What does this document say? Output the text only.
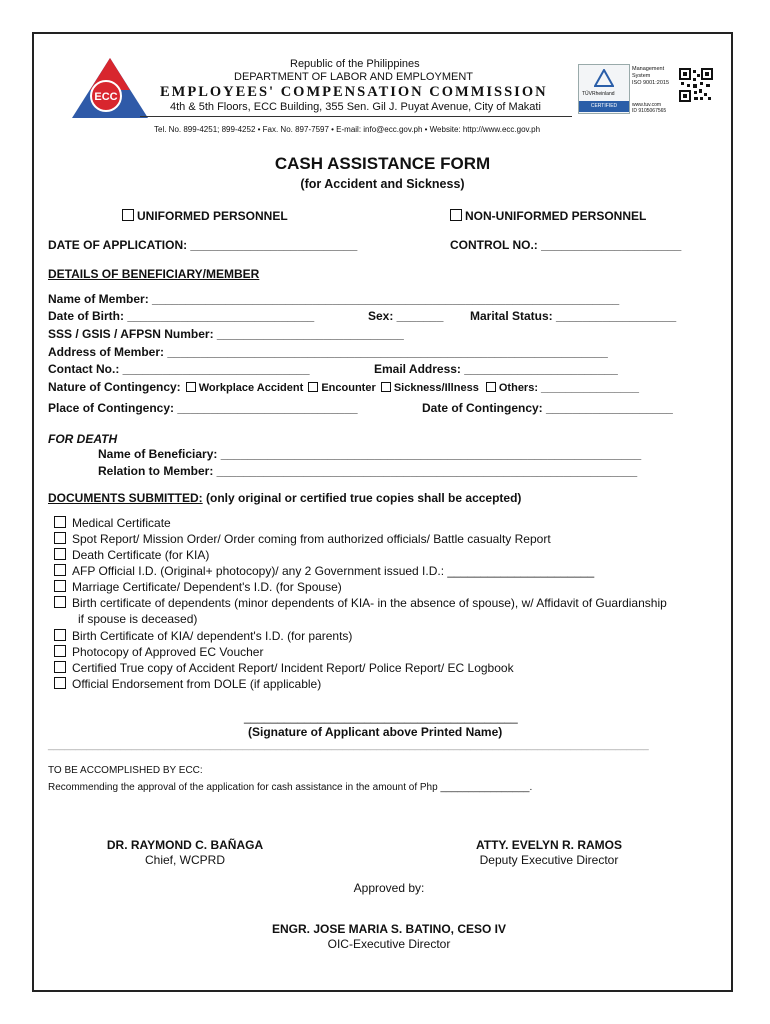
ECC
Republic of the Philippines
DEPARTMENT OF LABOR AND EMPLOYMENT
EMPLOYEES' COMPENSATION COMMISSION
4th & 5th Floors, ECC Building, 355 Sen. Gil J. Puyat Avenue, City of Makati
Tel. No. 899-4251; 899-4252 • Fax. No. 897-7597 • E-mail: info@ecc.gov.ph • Website: http://www.ecc.gov.ph
TÜVRheinland
CERTIFIED
Management
System
ISO 9001:2015
www.tuv.com
ID 9105067565
CASH ASSISTANCE FORM
(for Accident and Sickness)
UNIFORMED PERSONNEL	NON-UNIFORMED PERSONNEL
DATE OF APPLICATION: _________________________	CONTROL NO.: _____________________
DETAILS OF BENEFICIARY/MEMBER
Name of Member: ______________________________________________________________________
Date of Birth: ____________________________	Sex: _______ Marital Status: __________________
SSS / GSIS / AFPSN Number: ____________________________
Address of Member: __________________________________________________________________
Contact No.: ____________________________	Email Address: _______________________
Nature of Contingency: Workplace Accident Encounter Sickness/Illness Others: ________________
Place of Contingency: ___________________________	Date of Contingency: ___________________
FOR DEATH
Name of Beneficiary: _______________________________________________________________
Relation to Member: _______________________________________________________________
DOCUMENTS SUBMITTED: (only original or certified true copies shall be accepted)
Medical Certificate
Spot Report/ Mission Order/ Order coming from authorized officials/ Battle casualty Report
Death Certificate (for KIA)
AFP Official I.D. (Original+ photocopy)/ any 2 Government issued I.D.: ______________________
Marriage Certificate/ Dependent's I.D. (for Spouse)
Birth certificate of dependents (minor dependents of KIA- in the absence of spouse), w/ Affidavit of Guardianship
if spouse is deceased)
Birth Certificate of KIA/ dependent's I.D. (for parents)
Photocopy of Approved EC Voucher
Certified True copy of Accident Report/ Incident Report/ Police Report/ EC Logbook
Official Endorsement from DOLE (if applicable)
_________________________________________
(Signature of Applicant above Printed Name)
____________________________________________________________________________________________________________
TO BE ACCOMPLISHED BY ECC:
Recommending the approval of the application for cash assistance in the amount of Php ________________.
DR. RAYMOND C. BAÑAGA
Chief, WCPRD
ATTY. EVELYN R. RAMOS
Deputy Executive Director
Approved by:
ENGR. JOSE MARIA S. BATINO, CESO IV
OIC-Executive Director
